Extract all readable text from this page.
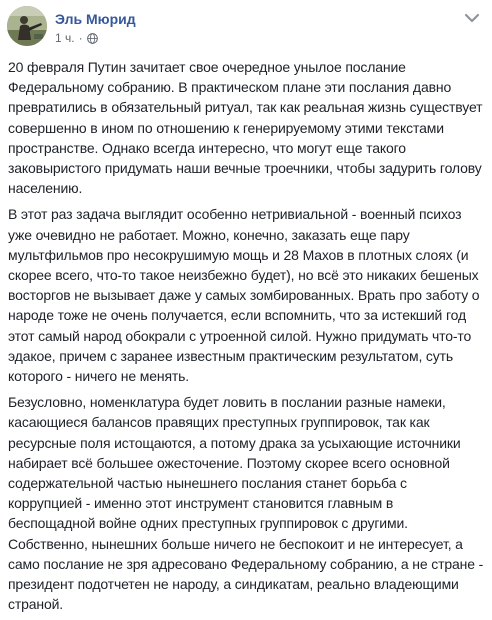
Эль Мюрид
1 ч. ·

20 февраля Путин зачитает свое очередное унылое послание Федеральному собранию. В практическом плане эти послания давно превратились в обязательный ритуал, так как реальная жизнь существует совершенно в ином по отношению к генерируемому этими текстами пространстве. Однако всегда интересно, что могут еще такого заковыристого придумать наши вечные троечники, чтобы задурить голову населению.

В этот раз задача выглядит особенно нетривиальной - военный психоз уже очевидно не работает. Можно, конечно, заказать еще пару мультфильмов про несокрушимую мощь и 28 Махов в плотных слоях (и скорее всего, что-то такое неизбежно будет), но всё это никаких бешеных восторгов не вызывает даже у самых зомбированных. Врать про заботу о народе тоже не очень получается, если вспомнить, что за истекший год этот самый народ обокрали с утроенной силой. Нужно придумать что-то эдакое, причем с заранее известным практическим результатом, суть которого - ничего не менять.

Безусловно, номенклатура будет ловить в послании разные намеки, касающиеся балансов правящих преступных группировок, так как ресурсные поля истощаются, а потому драка за усыхающие источники набирает всё большее ожесточение. Поэтому скорее всего основной содержательной частью нынешнего послания станет борьба с коррупцией - именно этот инструмент становится главным в беспощадной войне одних преступных группировок с другими. Собственно, нынешних больше ничего не беспокоит и не интересует, а само послание не зря адресовано Федеральному собранию, а не стране - президент подотчетен не народу, а синдикатам, реально владеющими страной.
